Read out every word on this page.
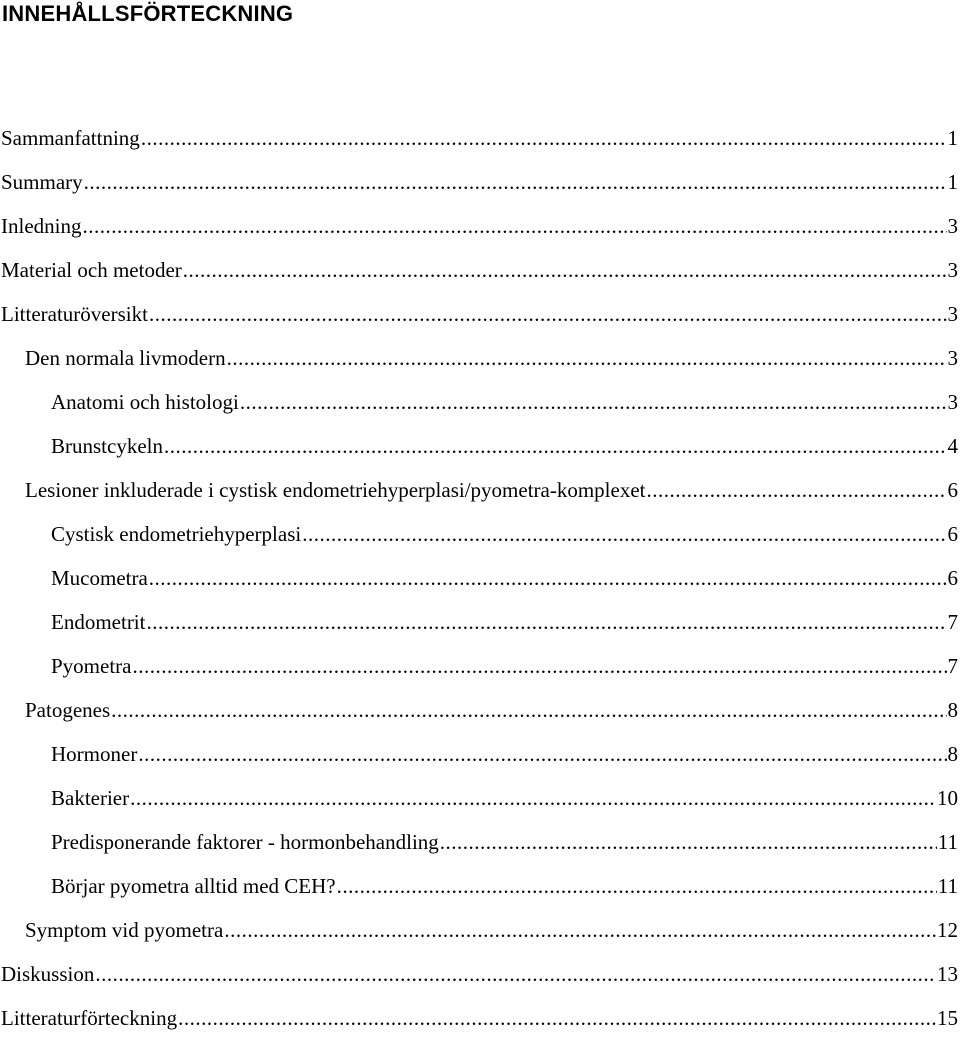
INNEHÅLLSFÖRTECKNING
Sammanfattning .....	1
Summary .....	1
Inledning .....	3
Material och metoder .....	3
Litteraturöversikt .....	3
Den normala livmodern .....	3
Anatomi och histologi .....	3
Brunstcykeln .....	4
Lesioner inkluderade i cystisk endometriehyperplasi/pyometra-komplexet .....	6
Cystisk endometriehyperplasi .....	6
Mucometra .....	6
Endometrit .....	7
Pyometra .....	7
Patogenes .....	8
Hormoner .....	8
Bakterier .....	10
Predisponerande faktorer - hormonbehandling .....	11
Börjar pyometra alltid med CEH? .....	11
Symptom vid pyometra .....	12
Diskussion .....	13
Litteraturförteckning .....	15
